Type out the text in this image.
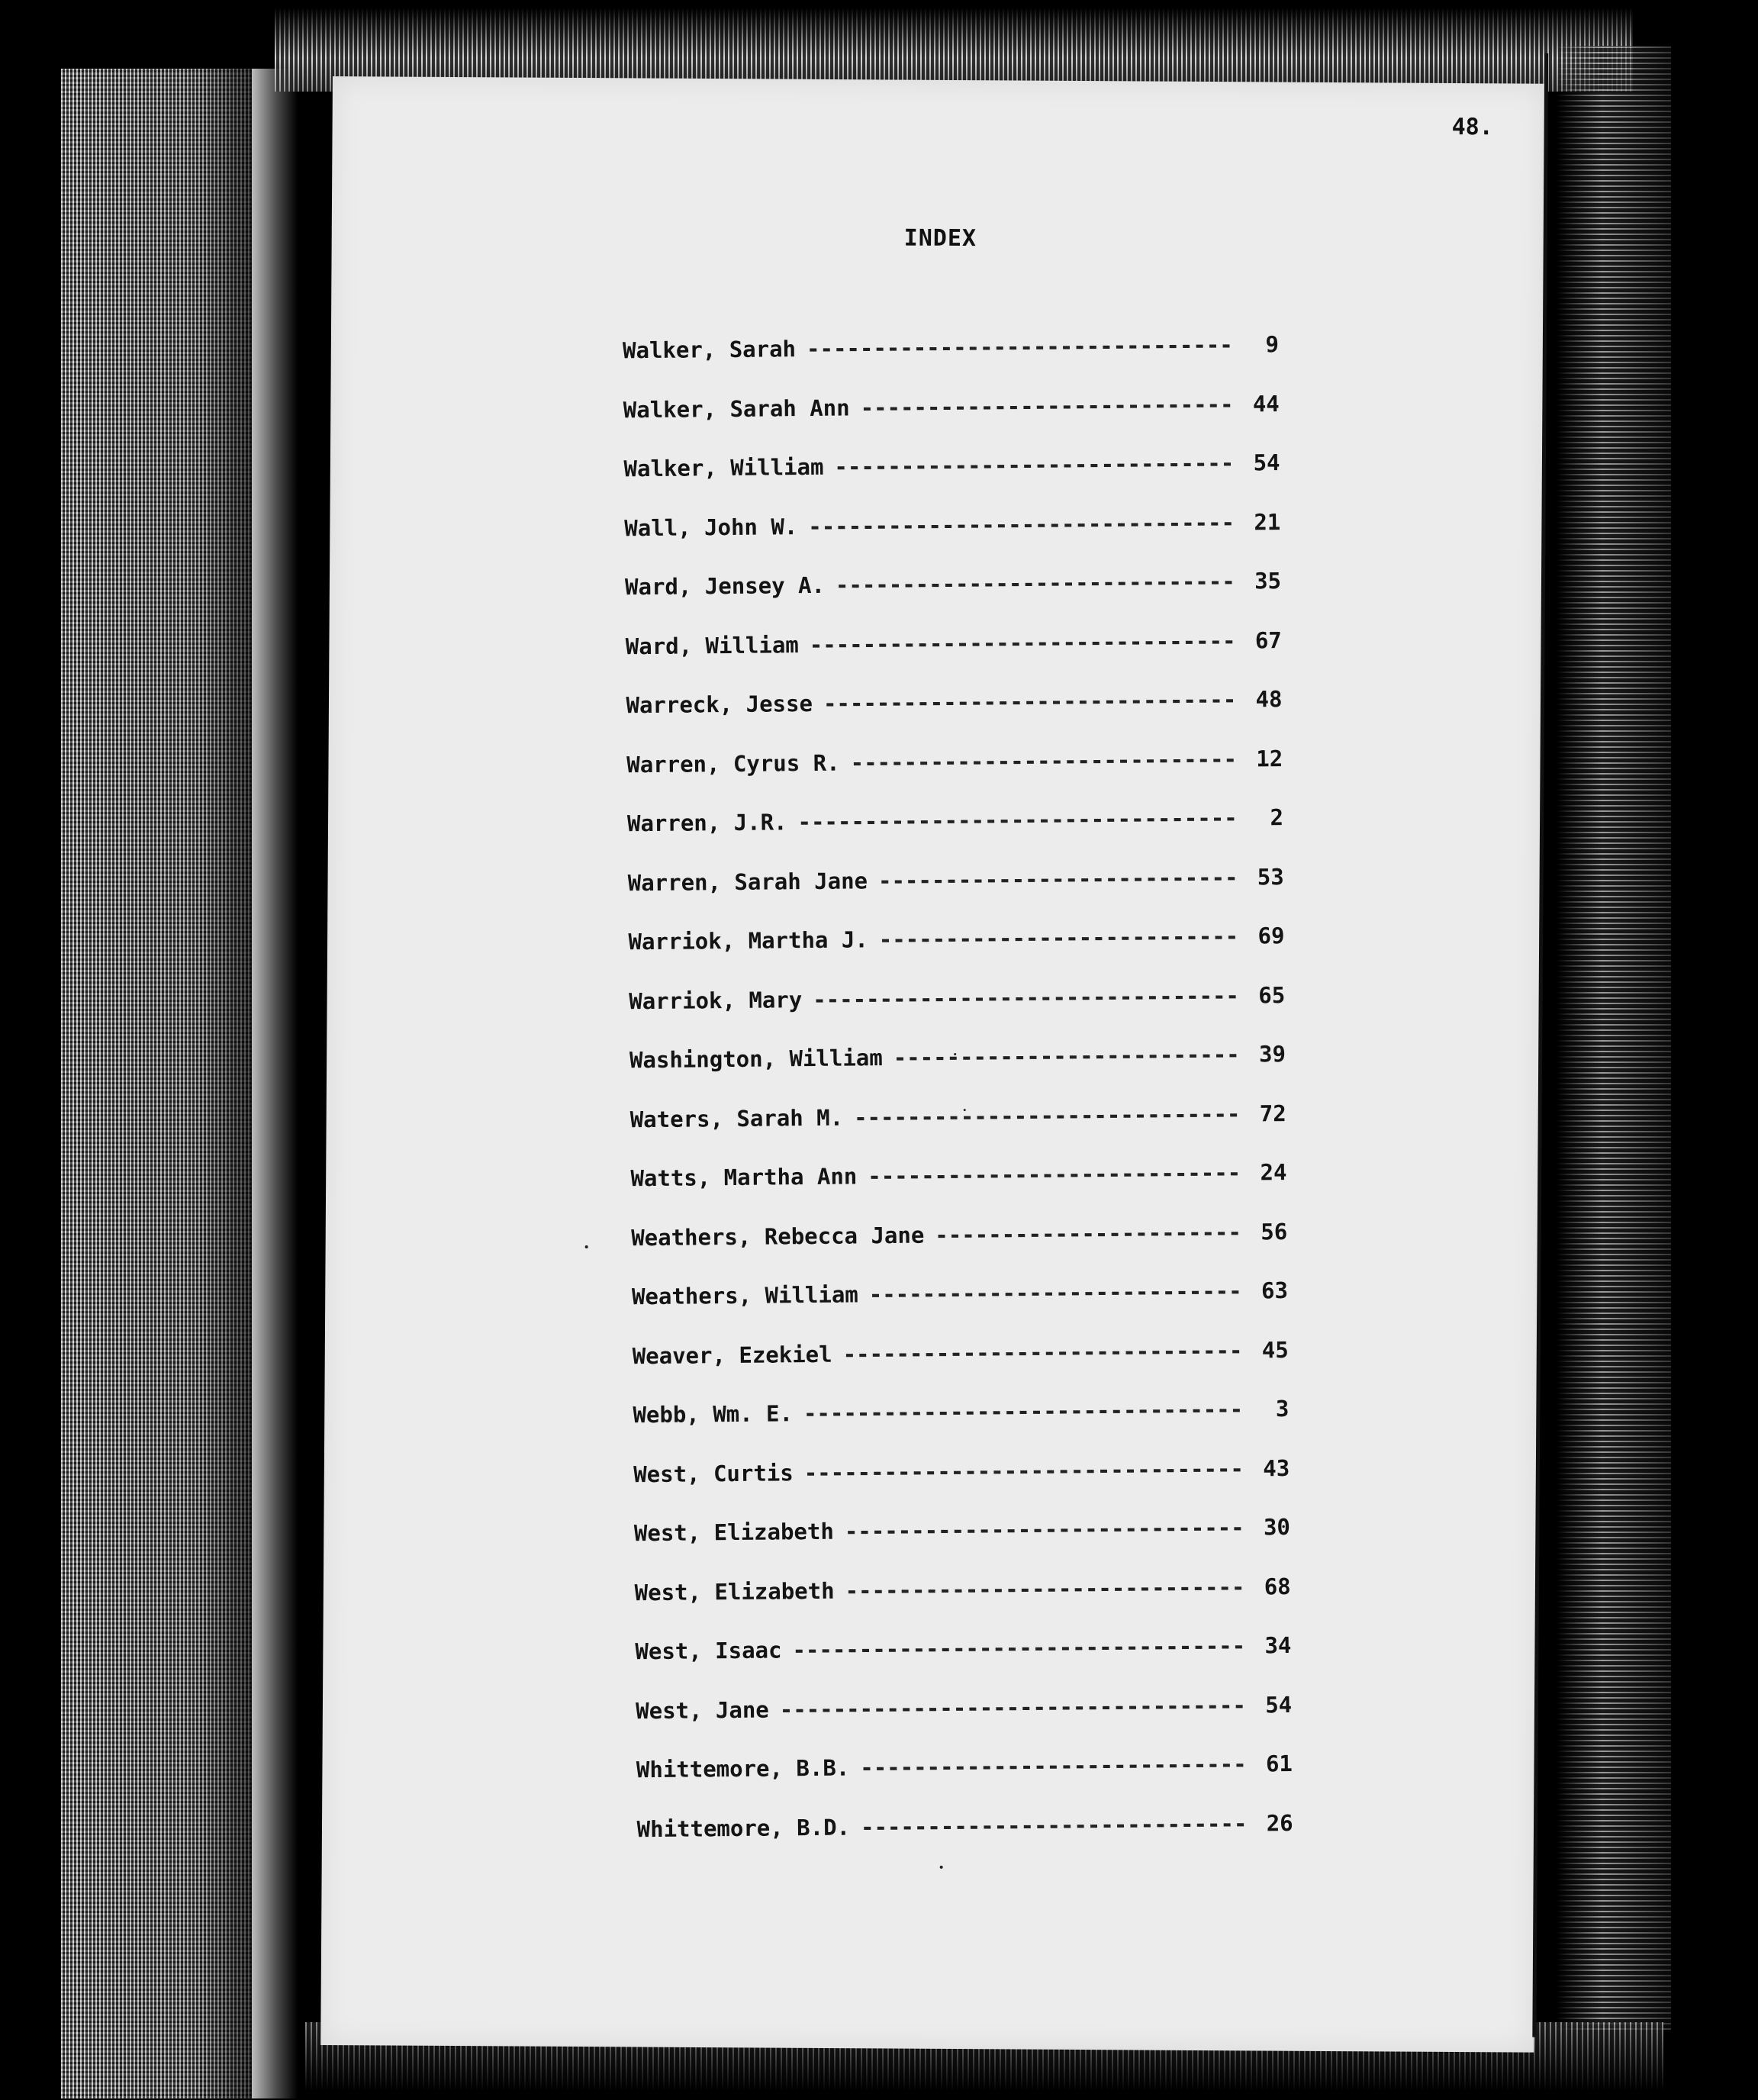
48.
INDEX
Walker, Sarah -----	9
Walker, Sarah Ann -----	44
Walker, William -----	54
Wall, John W. -----	21
Ward, Jensey A. -----	35
Ward, William -----	67
Warreck, Jesse -----	48
Warren, Cyrus R. -----	12
Warren, J.R. -----	2
Warren, Sarah Jane -----	53
Warriok, Martha J. -----	69
Warriok, Mary -----	65
Washington, William -----	39
Waters, Sarah M. -----	72
Watts, Martha Ann -----	24
Weathers, Rebecca Jane -----	56
Weathers, William -----	63
Weaver, Ezekiel -----	45
Webb, Wm. E. -----	3
West, Curtis -----	43
West, Elizabeth -----	30
West, Elizabeth -----	68
West, Isaac -----	34
West, Jane -----	54
Whittemore, B.B. -----	61
Whittemore, B.D. -----	26
